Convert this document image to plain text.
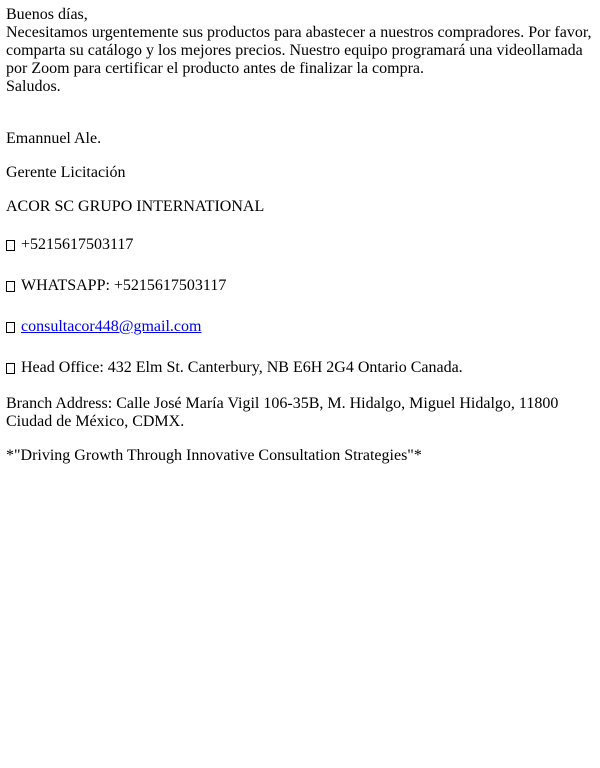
Buenos días,

Necesitamos urgentemente sus productos para abastecer a nuestros compradores. Por favor, comparta su catálogo y los mejores precios. Nuestro equipo programará una videollamada por Zoom para certificar el producto antes de finalizar la compra.

Saludos.

Emannuel Ale.

Gerente Licitación

ACOR SC GRUPO INTERNATIONAL

+5215617503117
WHATSAPP: +5215617503117
consultacor448@gmail.com
Head Office: 432 Elm St. Canterbury, NB E6H 2G4 Ontario Canada.

Branch Address: Calle José María Vigil 106-35B, M. Hidalgo, Miguel Hidalgo, 11800 Ciudad de México, CDMX.

*"Driving Growth Through Innovative Consultation Strategies"*
